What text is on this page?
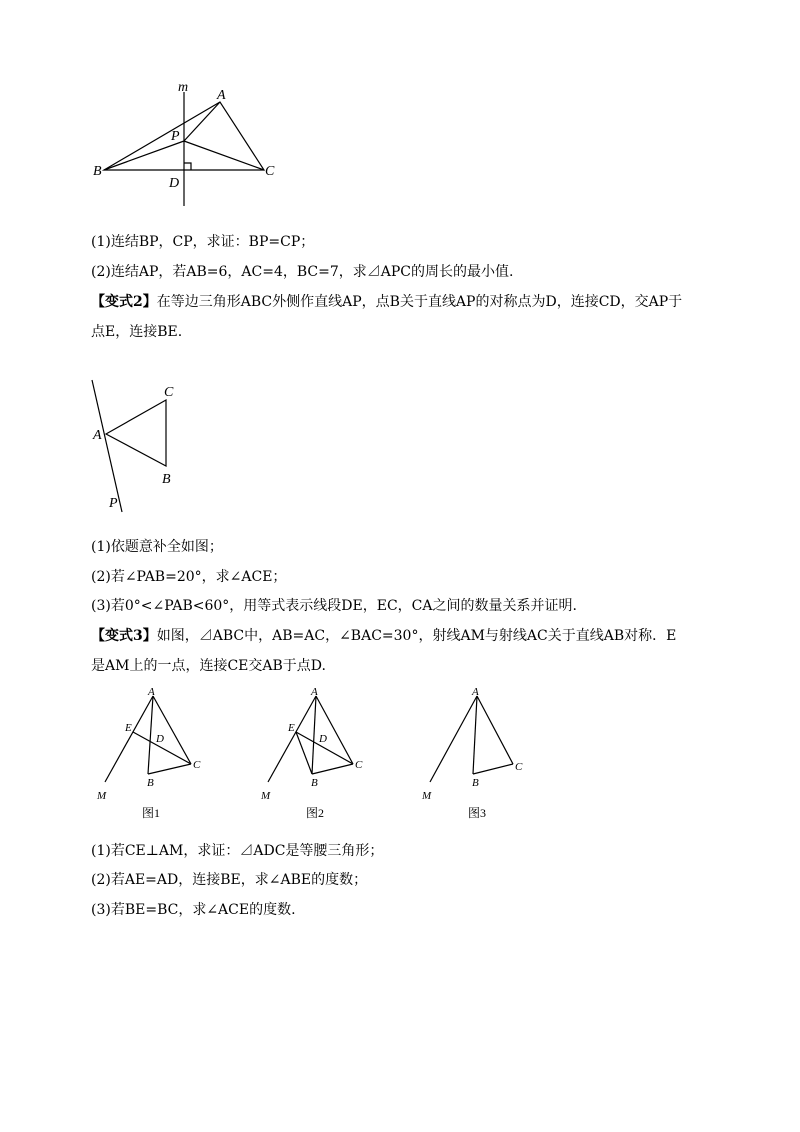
m
A
P
B	C
D
(1)连结BP，CP，求证：BP=CP；
(2)连结AP，若AB=6，AC=4，BC=7，求⊿APC的周长的最小值.
【变式2】在等边三角形ABC外侧作直线AP，点B关于直线AP的对称点为D，连接CD，交AP于
点E，连接BE.
C
A
B
P
(1)依题意补全如图；
(2)若∠PAB=20°，求∠ACE；
(3)若0°<∠PAB<60°，用等式表示线段DE，EC，CA之间的数量关系并证明.
【变式3】如图，⊿ABC中，AB=AC，∠BAC=30°，射线AM与射线AC关于直线AB对称．E
是AM上的一点，连接CE交AB于点D.
A
E
D
B
C
M
图1
A
E
D
B
C
M
图2
A
B
C
M
图3
(1)若CE⊥AM，求证：⊿ADC是等腰三角形；
(2)若AE=AD，连接BE，求∠ABE的度数；
(3)若BE=BC，求∠ACE的度数.
